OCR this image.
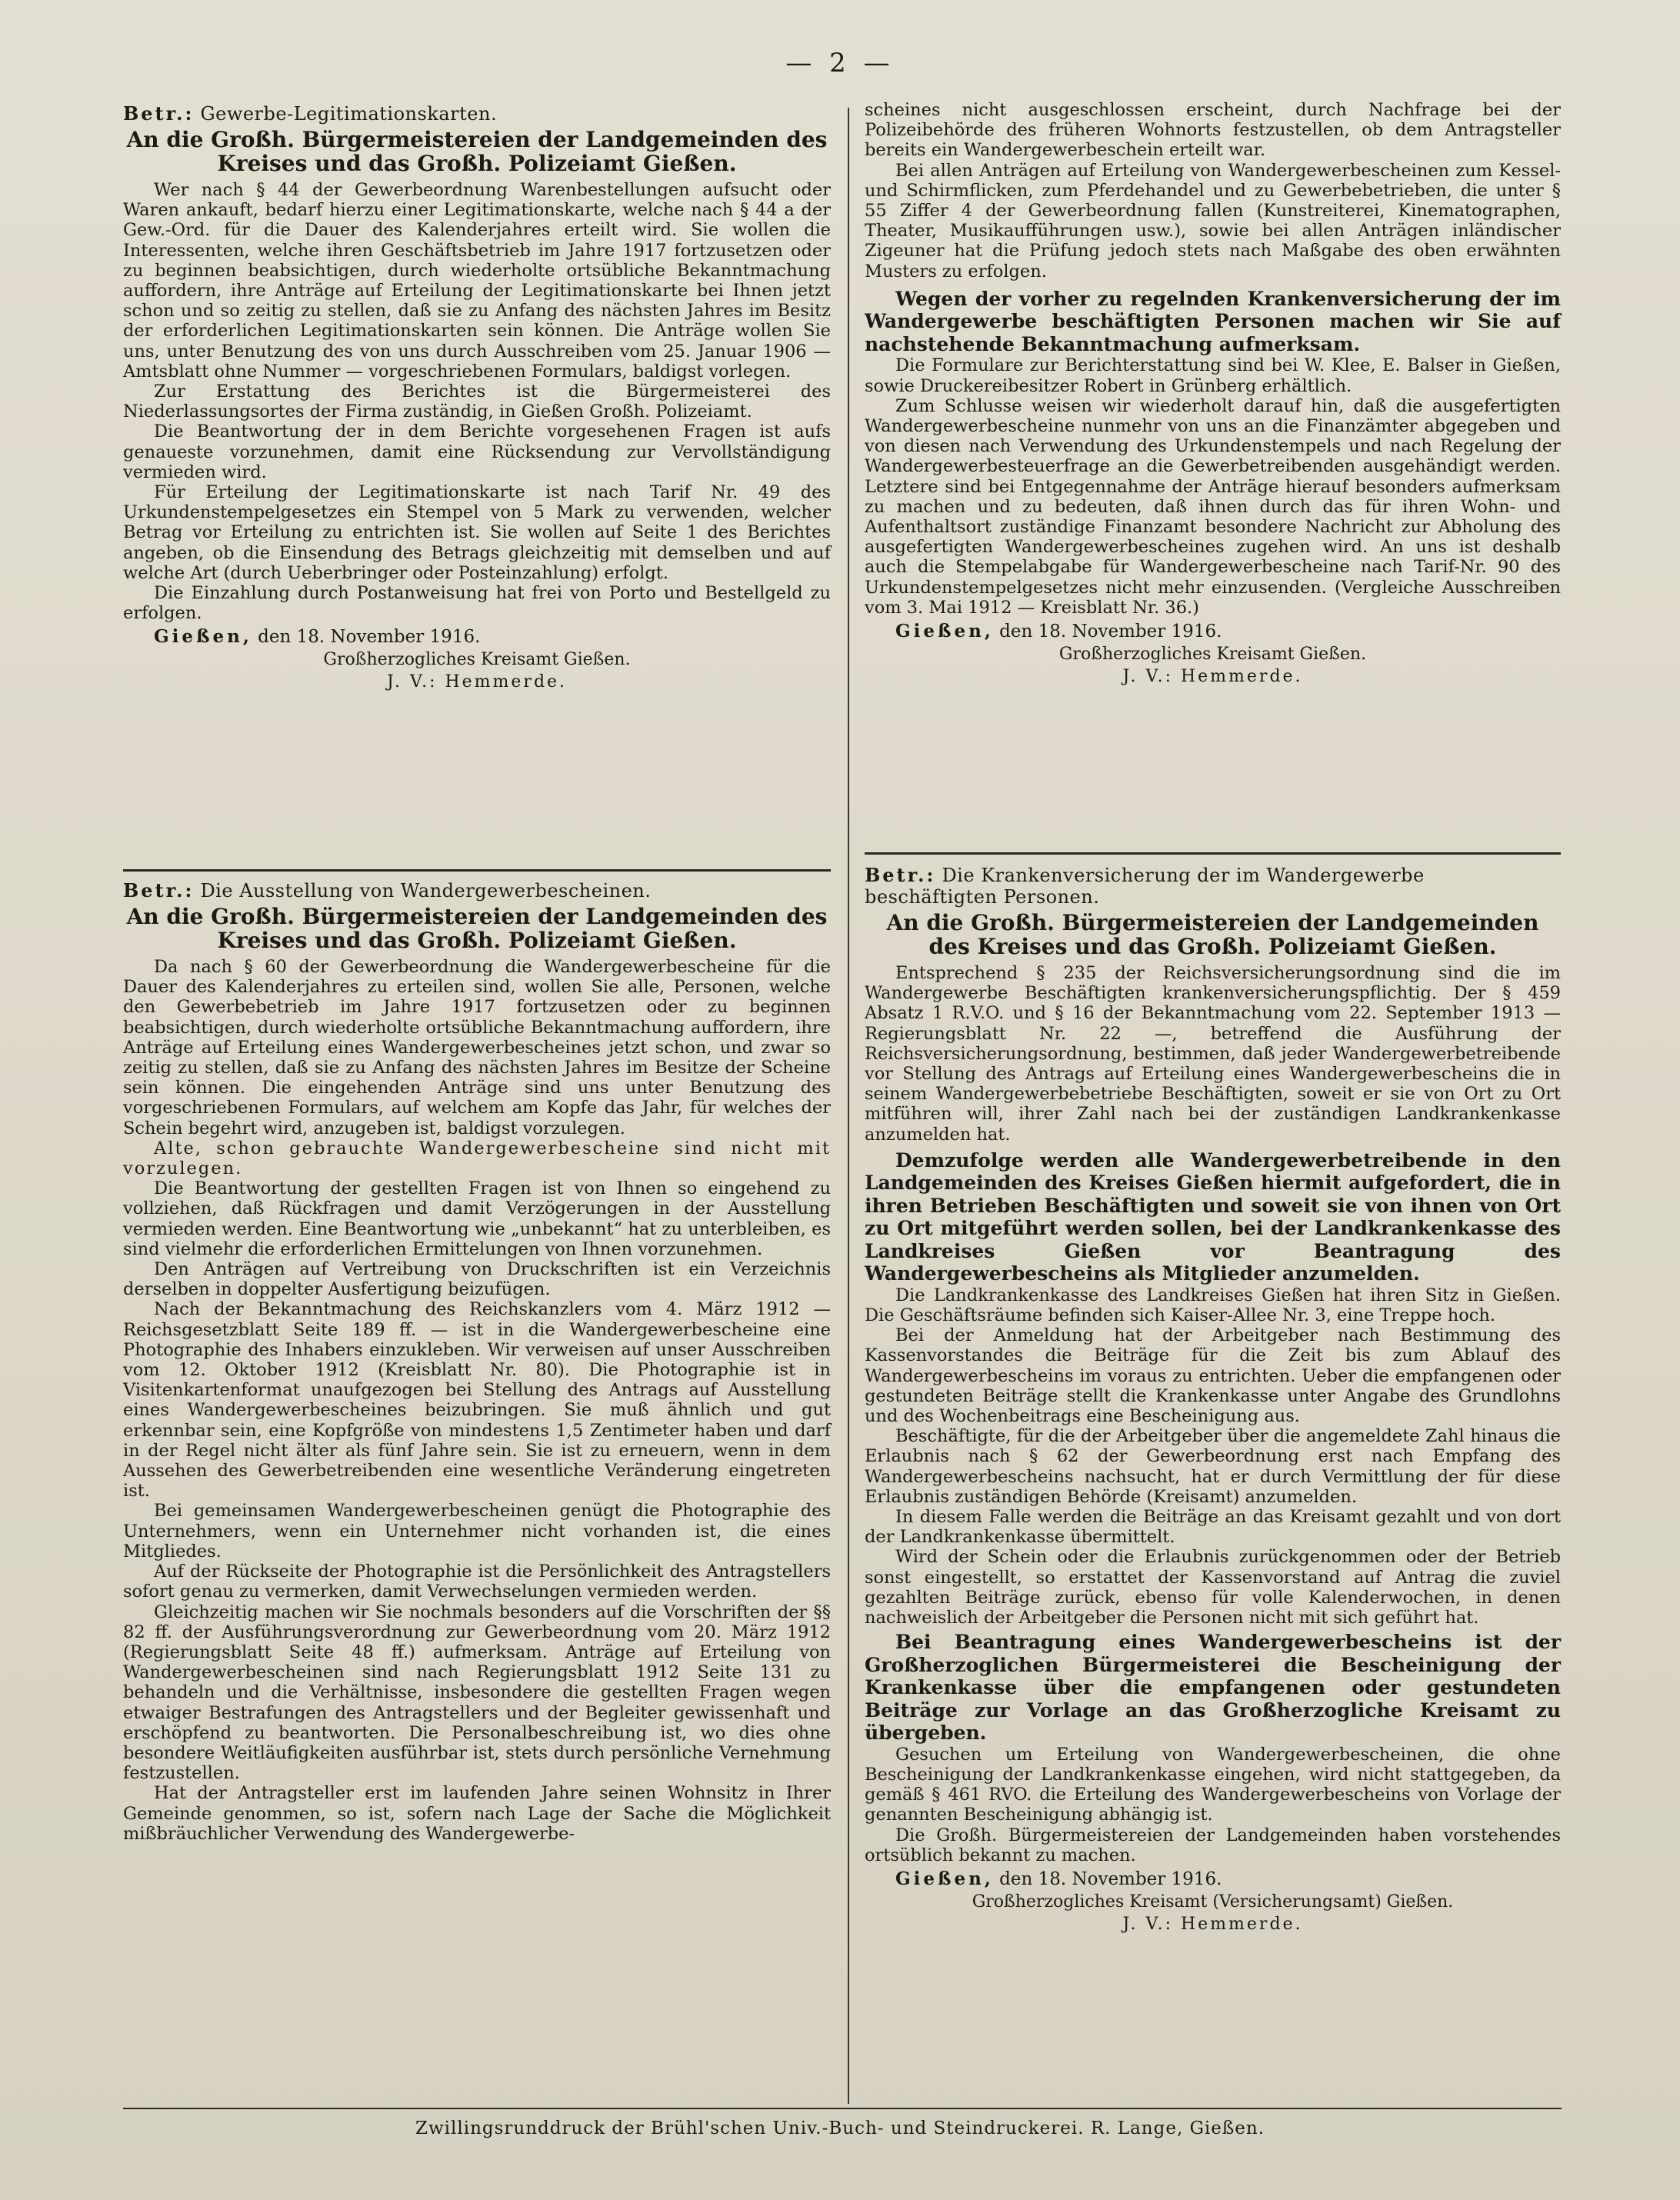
— 2 —

Betr.: Gewerbe-Legitimationskarten.

An die Großh. Bürgermeistereien der Landgemeinden des Kreises und das Großh. Polizeiamt Gießen.

Wer nach § 44 der Gewerbeordnung Warenbestellungen aufsucht oder Waren ankauft, bedarf hierzu einer Legitimationskarte, welche nach § 44 a der Gew.-Ord. für die Dauer des Kalenderjahres erteilt wird. Sie wollen die Interessenten, welche ihren Geschäftsbetrieb im Jahre 1917 fortzusetzen oder zu beginnen beabsichtigen, durch wiederholte ortsübliche Bekanntmachung auffordern, ihre Anträge auf Erteilung der Legitimationskarte bei Ihnen jetzt schon und so zeitig zu stellen, daß sie zu Anfang des nächsten Jahres im Besitz der erforderlichen Legitimationskarten sein können. Die Anträge wollen Sie uns, unter Benutzung des von uns durch Ausschreiben vom 25. Januar 1906 — Amtsblatt ohne Nummer — vorgeschriebenen Formulars, baldigst vorlegen.

Zur Erstattung des Berichtes ist die Bürgermeisterei des Niederlassungsortes der Firma zuständig, in Gießen Großh. Polizeiamt.

Die Beantwortung der in dem Berichte vorgesehenen Fragen ist aufs genaueste vorzunehmen, damit eine Rücksendung zur Vervollständigung vermieden wird.

Für Erteilung der Legitimationskarte ist nach Tarif Nr. 49 des Urkundenstempelgesetzes ein Stempel von 5 Mark zu verwenden, welcher Betrag vor Erteilung zu entrichten ist. Sie wollen auf Seite 1 des Berichtes angeben, ob die Einsendung des Betrags gleichzeitig mit demselben und auf welche Art (durch Ueberbringer oder Posteinzahlung) erfolgt.

Die Einzahlung durch Postanweisung hat frei von Porto und Bestellgeld zu erfolgen.

Gießen, den 18. November 1916.

Großherzogliches Kreisamt Gießen.

J. V.: Hemmerde.

Betr.: Die Ausstellung von Wandergewerbescheinen.

An die Großh. Bürgermeistereien der Landgemeinden des Kreises und das Großh. Polizeiamt Gießen.

Da nach § 60 der Gewerbeordnung die Wandergewerbescheine für die Dauer des Kalenderjahres zu erteilen sind, wollen Sie alle, Personen, welche den Gewerbebetrieb im Jahre 1917 fortzusetzen oder zu beginnen beabsichtigen, durch wiederholte ortsübliche Bekanntmachung auffordern, ihre Anträge auf Erteilung eines Wandergewerbescheines jetzt schon, und zwar so zeitig zu stellen, daß sie zu Anfang des nächsten Jahres im Besitze der Scheine sein können. Die eingehenden Anträge sind uns unter Benutzung des vorgeschriebenen Formulars, auf welchem am Kopfe das Jahr, für welches der Schein begehrt wird, anzugeben ist, baldigst vorzulegen.

Alte, schon gebrauchte Wandergewerbescheine sind nicht mit vorzulegen.

Die Beantwortung der gestellten Fragen ist von Ihnen so eingehend zu vollziehen, daß Rückfragen und damit Verzögerungen in der Ausstellung vermieden werden. Eine Beantwortung wie „unbekannt“ hat zu unterbleiben, es sind vielmehr die erforderlichen Ermittelungen von Ihnen vorzunehmen.

Den Anträgen auf Vertreibung von Druckschriften ist ein Verzeichnis derselben in doppelter Ausfertigung beizufügen.

Nach der Bekanntmachung des Reichskanzlers vom 4. März 1912 — Reichsgesetzblatt Seite 189 ff. — ist in die Wandergewerbescheine eine Photographie des Inhabers einzukleben. Wir verweisen auf unser Ausschreiben vom 12. Oktober 1912 (Kreisblatt Nr. 80). Die Photographie ist in Visitenkartenformat unaufgezogen bei Stellung des Antrags auf Ausstellung eines Wandergewerbescheines beizubringen. Sie muß ähnlich und gut erkennbar sein, eine Kopfgröße von mindestens 1,5 Zentimeter haben und darf in der Regel nicht älter als fünf Jahre sein. Sie ist zu erneuern, wenn in dem Aussehen des Gewerbetreibenden eine wesentliche Veränderung eingetreten ist.

Bei gemeinsamen Wandergewerbescheinen genügt die Photographie des Unternehmers, wenn ein Unternehmer nicht vorhanden ist, die eines Mitgliedes.

Auf der Rückseite der Photographie ist die Persönlichkeit des Antragstellers sofort genau zu vermerken, damit Verwechselungen vermieden werden.

Gleichzeitig machen wir Sie nochmals besonders auf die Vorschriften der §§ 82 ff. der Ausführungsverordnung zur Gewerbeordnung vom 20. März 1912 (Regierungsblatt Seite 48 ff.) aufmerksam. Anträge auf Erteilung von Wandergewerbescheinen sind nach Regierungsblatt 1912 Seite 131 zu behandeln und die Verhältnisse, insbesondere die gestellten Fragen wegen etwaiger Bestrafungen des Antragstellers und der Begleiter gewissenhaft und erschöpfend zu beantworten. Die Personalbeschreibung ist, wo dies ohne besondere Weitläufigkeiten ausführbar ist, stets durch persönliche Vernehmung festzustellen.

Hat der Antragsteller erst im laufenden Jahre seinen Wohnsitz in Ihrer Gemeinde genommen, so ist, sofern nach Lage der Sache die Möglichkeit mißbräuchlicher Verwendung des Wandergewerbe-

scheines nicht ausgeschlossen erscheint, durch Nachfrage bei der Polizeibehörde des früheren Wohnorts festzustellen, ob dem Antragsteller bereits ein Wandergewerbeschein erteilt war.

Bei allen Anträgen auf Erteilung von Wandergewerbescheinen zum Kessel- und Schirmflicken, zum Pferdehandel und zu Gewerbebetrieben, die unter § 55 Ziffer 4 der Gewerbeordnung fallen (Kunstreiterei, Kinematographen, Theater, Musikaufführungen usw.), sowie bei allen Anträgen inländischer Zigeuner hat die Prüfung jedoch stets nach Maßgabe des oben erwähnten Musters zu erfolgen.

Wegen der vorher zu regelnden Krankenversicherung der im Wandergewerbe beschäftigten Personen machen wir Sie auf nachstehende Bekanntmachung aufmerksam.

Die Formulare zur Berichterstattung sind bei W. Klee, E. Balser in Gießen, sowie Druckereibesitzer Robert in Grünberg erhältlich.

Zum Schlusse weisen wir wiederholt darauf hin, daß die ausgefertigten Wandergewerbescheine nunmehr von uns an die Finanzämter abgegeben und von diesen nach Verwendung des Urkundenstempels und nach Regelung der Wandergewerbesteuerfrage an die Gewerbetreibenden ausgehändigt werden. Letztere sind bei Entgegennahme der Anträge hierauf besonders aufmerksam zu machen und zu bedeuten, daß ihnen durch das für ihren Wohn- und Aufenthaltsort zuständige Finanzamt besondere Nachricht zur Abholung des ausgefertigten Wandergewerbescheines zugehen wird. An uns ist deshalb auch die Stempelabgabe für Wandergewerbescheine nach Tarif-Nr. 90 des Urkundenstempelgesetzes nicht mehr einzusenden. (Vergleiche Ausschreiben vom 3. Mai 1912 — Kreisblatt Nr. 36.)

Gießen, den 18. November 1916.

Großherzogliches Kreisamt Gießen.

J. V.: Hemmerde.

Betr.: Die Krankenversicherung der im Wandergewerbe beschäftigten Personen.

An die Großh. Bürgermeistereien der Landgemeinden des Kreises und das Großh. Polizeiamt Gießen.

Entsprechend § 235 der Reichsversicherungsordnung sind die im Wandergewerbe Beschäftigten krankenversicherungspflichtig. Der § 459 Absatz 1 R.V.O. und § 16 der Bekanntmachung vom 22. September 1913 — Regierungsblatt Nr. 22 —, betreffend die Ausführung der Reichsversicherungsordnung, bestimmen, daß jeder Wandergewerbetreibende vor Stellung des Antrags auf Erteilung eines Wandergewerbescheins die in seinem Wandergewerbebetriebe Beschäftigten, soweit er sie von Ort zu Ort mitführen will, ihrer Zahl nach bei der zuständigen Landkrankenkasse anzumelden hat.

Demzufolge werden alle Wandergewerbetreibende in den Landgemeinden des Kreises Gießen hiermit aufgefordert, die in ihren Betrieben Beschäftigten und soweit sie von ihnen von Ort zu Ort mitgeführt werden sollen, bei der Landkrankenkasse des Landkreises Gießen vor Beantragung des Wandergewerbescheins als Mitglieder anzumelden.

Die Landkrankenkasse des Landkreises Gießen hat ihren Sitz in Gießen. Die Geschäftsräume befinden sich Kaiser-Allee Nr. 3, eine Treppe hoch.

Bei der Anmeldung hat der Arbeitgeber nach Bestimmung des Kassenvorstandes die Beiträge für die Zeit bis zum Ablauf des Wandergewerbescheins im voraus zu entrichten. Ueber die empfangenen oder gestundeten Beiträge stellt die Krankenkasse unter Angabe des Grundlohns und des Wochenbeitrags eine Bescheinigung aus.

Beschäftigte, für die der Arbeitgeber über die angemeldete Zahl hinaus die Erlaubnis nach § 62 der Gewerbeordnung erst nach Empfang des Wandergewerbescheins nachsucht, hat er durch Vermittlung der für diese Erlaubnis zuständigen Behörde (Kreisamt) anzumelden.

In diesem Falle werden die Beiträge an das Kreisamt gezahlt und von dort der Landkrankenkasse übermittelt.

Wird der Schein oder die Erlaubnis zurückgenommen oder der Betrieb sonst eingestellt, so erstattet der Kassenvorstand auf Antrag die zuviel gezahlten Beiträge zurück, ebenso für volle Kalenderwochen, in denen nachweislich der Arbeitgeber die Personen nicht mit sich geführt hat.

Bei Beantragung eines Wandergewerbescheins ist der Großherzoglichen Bürgermeisterei die Bescheinigung der Krankenkasse über die empfangenen oder gestundeten Beiträge zur Vorlage an das Großherzogliche Kreisamt zu übergeben.

Gesuchen um Erteilung von Wandergewerbescheinen, die ohne Bescheinigung der Landkrankenkasse eingehen, wird nicht stattgegeben, da gemäß § 461 RVO. die Erteilung des Wandergewerbescheins von Vorlage der genannten Bescheinigung abhängig ist.

Die Großh. Bürgermeistereien der Landgemeinden haben vorstehendes ortsüblich bekannt zu machen.

Gießen, den 18. November 1916.

Großherzogliches Kreisamt (Versicherungsamt) Gießen.

J. V.: Hemmerde.

Zwillingsrunddruck der Brühl'schen Univ.-Buch- und Steindruckerei. R. Lange, Gießen.
